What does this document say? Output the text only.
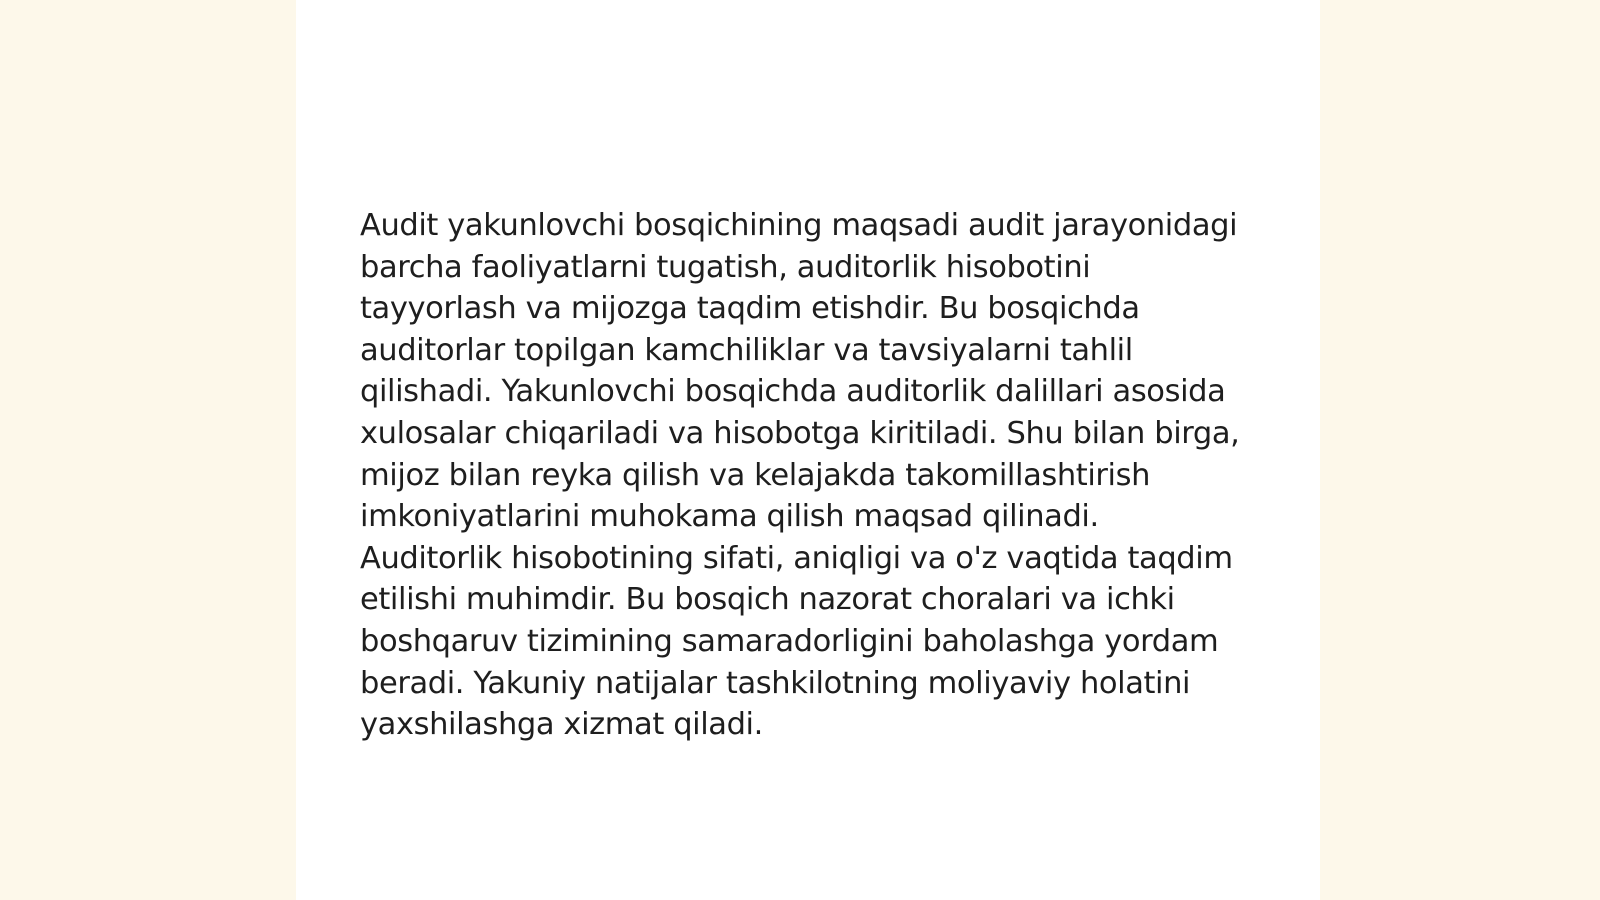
Audit yakunlovchi bosqichining maqsadi audit jarayonidagi barcha faoliyatlarni tugatish, auditorlik hisobotini tayyorlash va mijozga taqdim etishdir. Bu bosqichda auditorlar topilgan kamchiliklar va tavsiyalarni tahlil qilishadi. Yakunlovchi bosqichda auditorlik dalillari asosida xulosalar chiqariladi va hisobotga kiritiladi. Shu bilan birga, mijoz bilan reyka qilish va kelajakda takomillashtirish imkoniyatlarini muhokama qilish maqsad qilinadi. Auditorlik hisobotining sifati, aniqligi va o'z vaqtida taqdim etilishi muhimdir. Bu bosqich nazorat choralari va ichki boshqaruv tizimining samaradorligini baholashga yordam beradi. Yakuniy natijalar tashkilotning moliyaviy holatini yaxshilashga xizmat qiladi.
